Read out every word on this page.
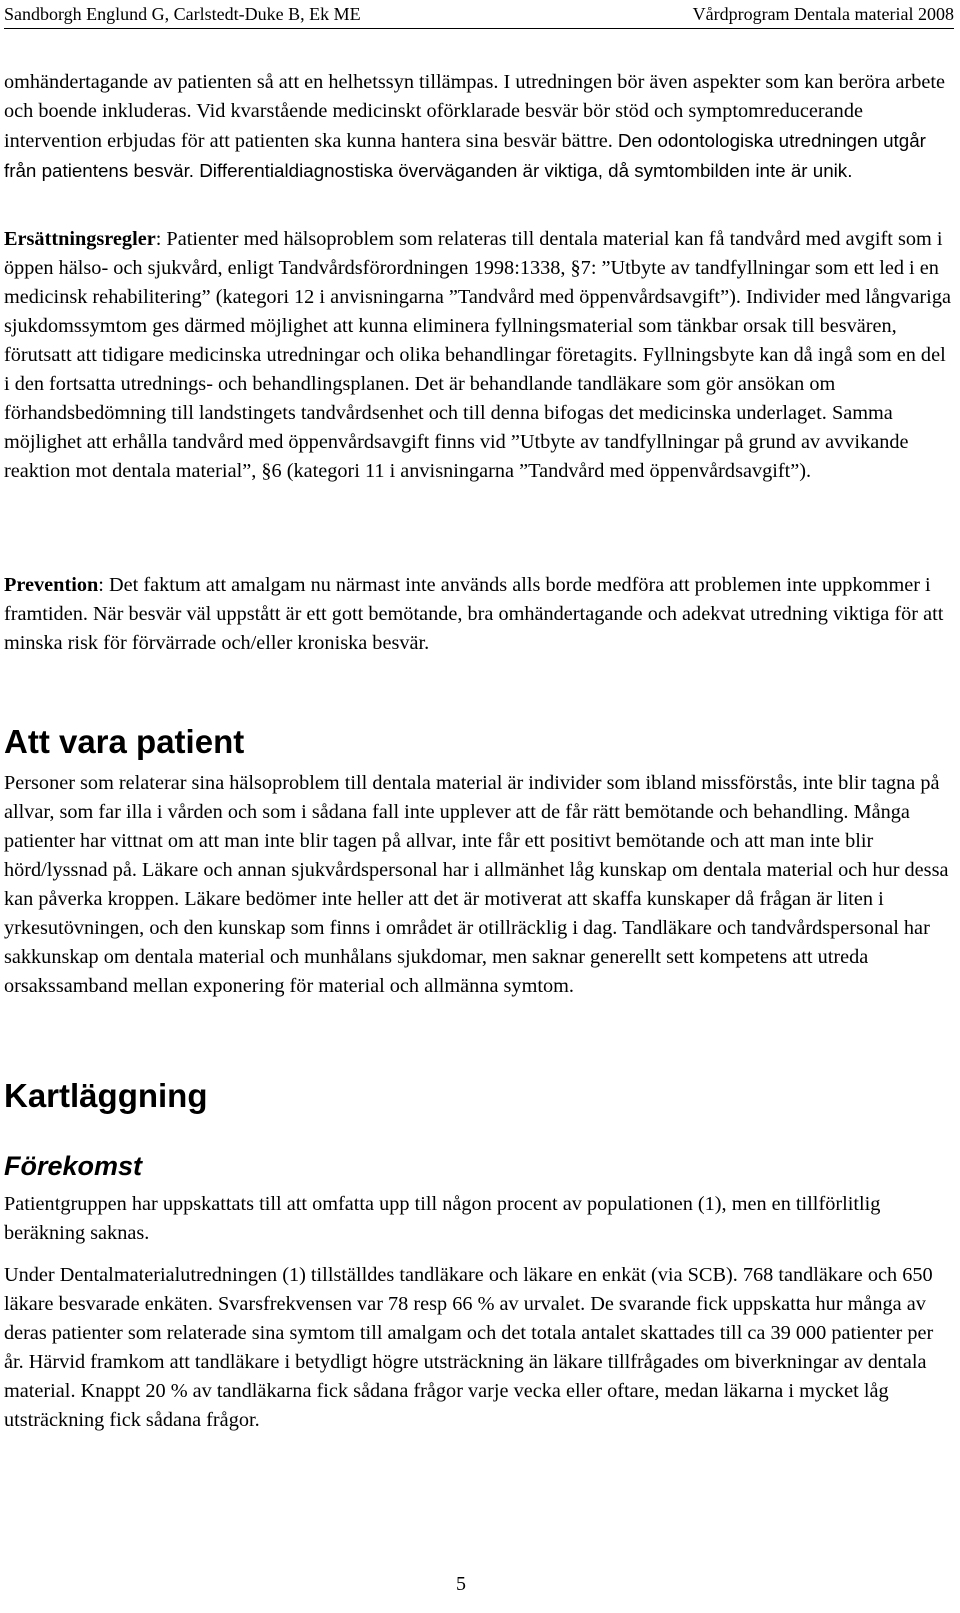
Sandborgh Englund G, Carlstedt-Duke B, Ek ME	Vårdprogram Dentala material 2008

omhändertagande av patienten så att en helhetssyn tillämpas. I utredningen bör även aspekter som kan beröra arbete och boende inkluderas. Vid kvarstående medicinskt oförklarade besvär bör stöd och symptomreducerande intervention erbjudas för att patienten ska kunna hantera sina besvär bättre. Den odontologiska utredningen utgår från patientens besvär. Differentialdiagnostiska överväganden är viktiga, då symtombilden inte är unik.

Ersättningsregler: Patienter med hälsoproblem som relateras till dentala material kan få tandvård med avgift som i öppen hälso- och sjukvård, enligt Tandvårdsförordningen 1998:1338, §7: ”Utbyte av tandfyllningar som ett led i en medicinsk rehabilitering” (kategori 12 i anvisningarna ”Tandvård med öppenvårdsavgift”). Individer med långvariga sjukdomssymtom ges därmed möjlighet att kunna eliminera fyllningsmaterial som tänkbar orsak till besvären, förutsatt att tidigare medicinska utredningar och olika behandlingar företagits. Fyllningsbyte kan då ingå som en del i den fortsatta utrednings- och behandlingsplanen. Det är behandlande tandläkare som gör ansökan om förhandsbedömning till landstingets tandvårdsenhet och till denna bifogas det medicinska underlaget. Samma möjlighet att erhålla tandvård med öppenvårdsavgift finns vid ”Utbyte av tandfyllningar på grund av avvikande reaktion mot dentala material”, §6 (kategori 11 i anvisningarna ”Tandvård med öppenvårdsavgift”).

Prevention: Det faktum att amalgam nu närmast inte används alls borde medföra att problemen inte uppkommer i framtiden. När besvär väl uppstått är ett gott bemötande, bra omhändertagande och adekvat utredning viktiga för att minska risk för förvärrade och/eller kroniska besvär.

Att vara patient

Personer som relaterar sina hälsoproblem till dentala material är individer som ibland missförstås, inte blir tagna på allvar, som far illa i vården och som i sådana fall inte upplever att de får rätt bemötande och behandling. Många patienter har vittnat om att man inte blir tagen på allvar, inte får ett positivt bemötande och att man inte blir hörd/lyssnad på. Läkare och annan sjukvårdspersonal har i allmänhet låg kunskap om dentala material och hur dessa kan påverka kroppen. Läkare bedömer inte heller att det är motiverat att skaffa kunskaper då frågan är liten i yrkesutövningen, och den kunskap som finns i området är otillräcklig i dag. Tandläkare och tandvårdspersonal har sakkunskap om dentala material och munhålans sjukdomar, men saknar generellt sett kompetens att utreda orsakssamband mellan exponering för material och allmänna symtom.

Kartläggning
Förekomst

Patientgruppen har uppskattats till att omfatta upp till någon procent av populationen (1), men en tillförlitlig beräkning saknas.

Under Dentalmaterialutredningen (1) tillställdes tandläkare och läkare en enkät (via SCB). 768 tandläkare och 650 läkare besvarade enkäten. Svarsfrekvensen var 78 resp 66 % av urvalet. De svarande fick uppskatta hur många av deras patienter som relaterade sina symtom till amalgam och det totala antalet skattades till ca 39 000 patienter per år. Härvid framkom att tandläkare i betydligt högre utsträckning än läkare tillfrågades om biverkningar av dentala material. Knappt 20 % av tandläkarna fick sådana frågor varje vecka eller oftare, medan läkarna i mycket låg utsträckning fick sådana frågor.

5
